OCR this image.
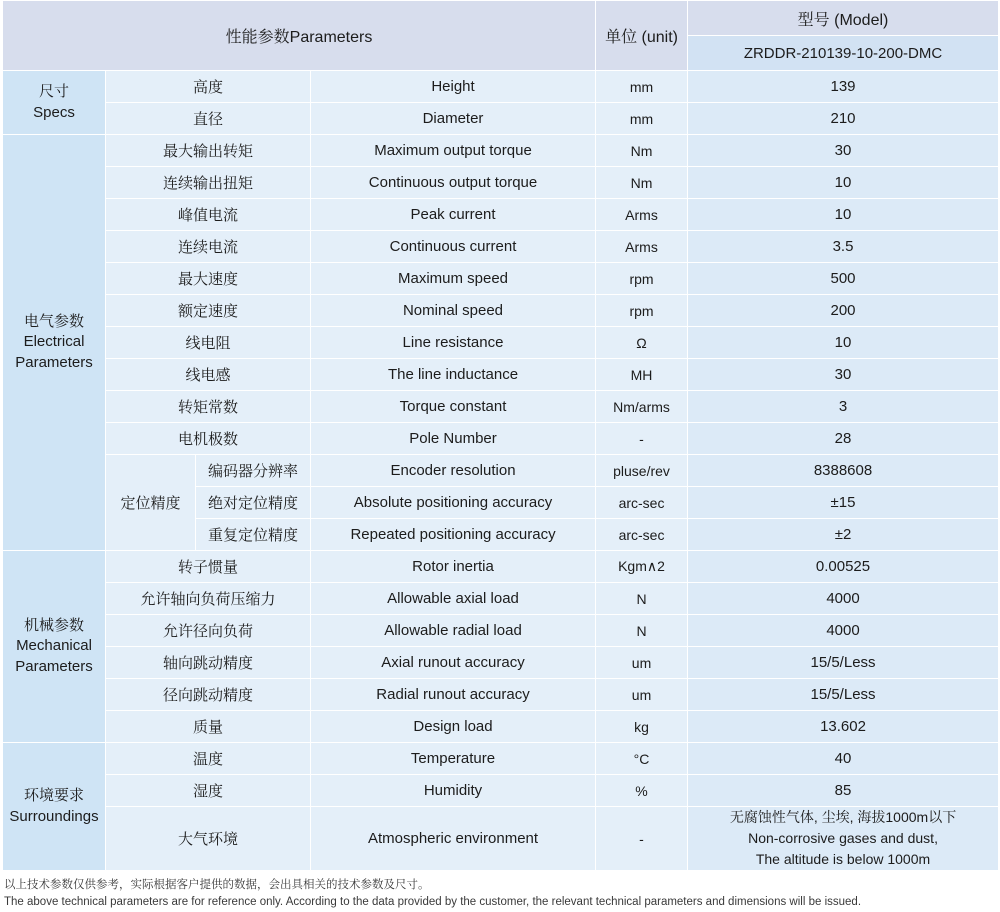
性能参数Parameters				单位 (unit)	型号 (Model)
					ZRDDR-210139-10-200-DMC
尺寸
Specs	高度		Height	mm	139
	直径		Diameter	mm	210
电气参数
Electrical
Parameters	最大输出转矩		Maximum output torque	Nm	30
	连续输出扭矩		Continuous output torque	Nm	10
	峰值电流		Peak current	Arms	10
	连续电流		Continuous current	Arms	3.5
	最大速度		Maximum speed	rpm	500
	额定速度		Nominal speed	rpm	200
	线电阻		Line resistance	Ω	10
	线电感		The line inductance	MH	30
	转矩常数		Torque constant	Nm/arms	3
	电机极数		Pole Number	-	28
	定位精度	编码器分辨率	Encoder resolution	pluse/rev	8388608
		绝对定位精度	Absolute positioning accuracy	arc-sec	±15
		重复定位精度	Repeated positioning accuracy	arc-sec	±2
机械参数
Mechanical
Parameters	转子惯量		Rotor inertia	Kgm∧2	0.00525
	允许轴向负荷压缩力		Allowable axial load	N	4000
	允许径向负荷		Allowable radial load	N	4000
	轴向跳动精度		Axial runout accuracy	um	15/5/Less
	径向跳动精度		Radial runout accuracy	um	15/5/Less
	质量		Design load	kg	13.602
环境要求
Surroundings	温度		Temperature	°C	40
	湿度		Humidity	%	85
	大气环境		Atmospheric environment	-	无腐蚀性气体, 尘埃, 海拔1000m以下
Non-corrosive gases and dust,
The altitude is below 1000m
以上技术参数仅供参考，实际根据客户提供的数据，会出具相关的技术参数及尺寸。
The above technical parameters are for reference only. According to the data provided by the customer, the relevant technical parameters and dimensions will be issued.
